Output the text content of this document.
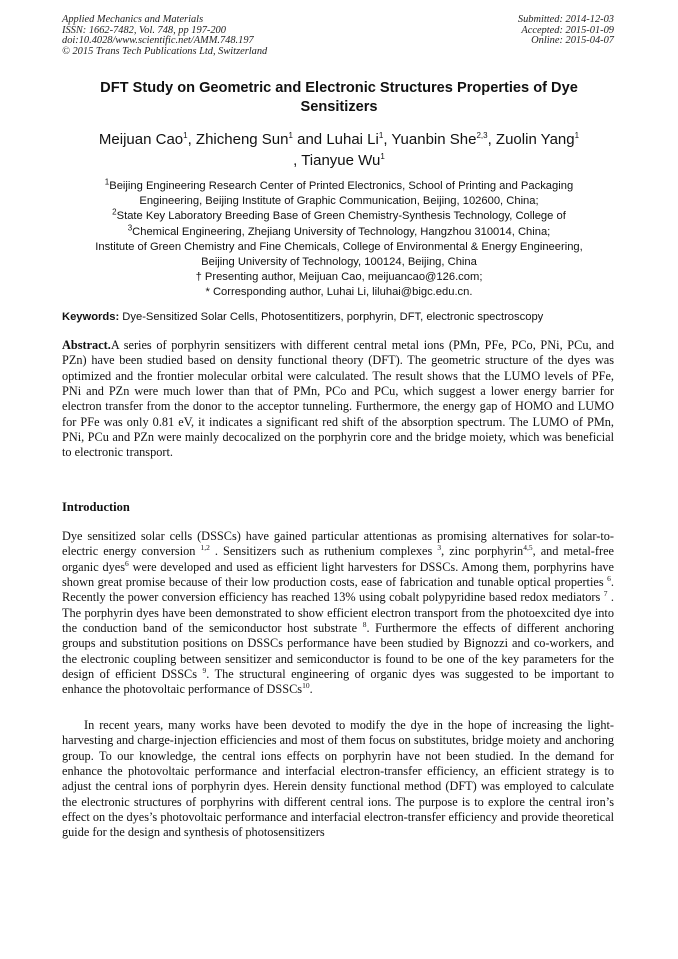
Applied Mechanics and Materials
ISSN: 1662-7482, Vol. 748, pp 197-200
doi:10.4028/www.scientific.net/AMM.748.197
© 2015 Trans Tech Publications Ltd, Switzerland
Submitted: 2014-12-03
Accepted: 2015-01-09
Online: 2015-04-07
DFT Study on Geometric and Electronic Structures Properties of Dye Sensitizers
Meijuan Cao$^1$, Zhicheng Sun$^1$ and Luhai Li$^1$, Yuanbin She$^{2,3}$, Zuolin Yang$^1$
, Tianyue Wu$^1$
$^1$Beijing Engineering Research Center of Printed Electronics, School of Printing and Packaging
Engineering, Beijing Institute of Graphic Communication, Beijing, 102600, China;
$^2$State Key Laboratory Breeding Base of Green Chemistry-Synthesis Technology, College of
$^3$Chemical Engineering, Zhejiang University of Technology, Hangzhou 310014, China;
Institute of Green Chemistry and Fine Chemicals, College of Environmental & Energy Engineering,
Beijing University of Technology, 100124, Beijing, China
† Presenting author, Meijuan Cao, meijuancao@126.com;
* Corresponding author, Luhai Li, liluhai@bigc.edu.cn.
Keywords: Dye-Sensitized Solar Cells, Photosentitizers, porphyrin, DFT, electronic spectroscopy
Abstract.A series of porphyrin sensitizers with different central metal ions (PMn, PFe, PCo, PNi, PCu, and PZn) have been studied based on density functional theory (DFT). The geometric structure of the dyes was optimized and the frontier molecular orbital were calculated. The result shows that the LUMO levels of PFe, PNi and PZn were much lower than that of PMn, PCo and PCu, which suggest a lower energy barrier for electron transfer from the donor to the acceptor tunneling. Furthermore, the energy gap of HOMO and LUMO for PFe was only 0.81 eV, it indicates a significant red shift of the absorption spectrum. The LUMO of PMn, PNi, PCu and PZn were mainly decocalized on the porphyrin core and the bridge moiety, which was beneficial to electronic transport.
Introduction
Dye sensitized solar cells (DSSCs) have gained particular attentionas as promising alternatives for solar-to-electric energy conversion $^{1,2}$ . Sensitizers such as ruthenium complexes $^3$, zinc porphyrin$^{4,5}$, and metal-free organic dyes$^6$ were developed and used as efficient light harvesters for DSSCs. Among them, porphyrins have shown great promise because of their low production costs, ease of fabrication and tunable optical properties $^6$. Recently the power conversion efficiency has reached 13% using cobalt polypyridine based redox mediators $^7$ . The porphyrin dyes have been demonstrated to show efficient electron transport from the photoexcited dye into the conduction band of the semiconductor host substrate $^8$. Furthermore the effects of different anchoring groups and substitution positions on DSSCs performance have been studied by Bignozzi and co-workers, and the electronic coupling between sensitizer and semiconductor is found to be one of the key parameters for the design of efficient DSSCs $^9$. The structural engineering of organic dyes was suggested to be important to enhance the photovoltaic performance of DSSCs$^{10}$.
In recent years, many works have been devoted to modify the dye in the hope of increasing the light-harvesting and charge-injection efficiencies and most of them focus on substitutes, bridge moiety and anchoring group. To our knowledge, the central ions effects on porphyrin have not been studied. In the demand for enhance the photovoltaic performance and interfacial electron-transfer efficiency, an efficient strategy is to adjust the central ions of porphyrin dyes. Herein density functional method (DFT) was employed to calculate the electronic structures of porphyrins with different central ions. The purpose is to explore the central iron’s effect on the dyes’s photovoltaic performance and interfacial electron-transfer efficiency and provide theoretical guide for the design and synthesis of photosensitizers
